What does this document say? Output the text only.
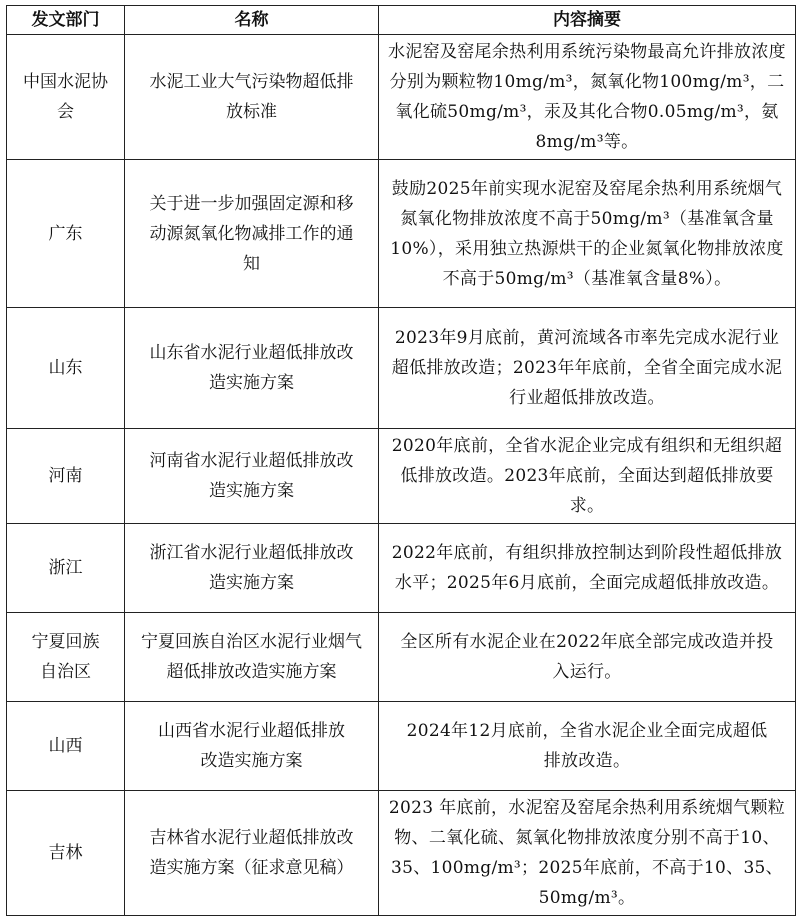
发文部门	名称	内容摘要
中国水泥协会	水泥工业大气污染物超低排放标准	水泥窑及窑尾余热利用系统污染物最高允许排放浓度分别为颗粒物10mg/m³，氮氧化物100mg/m³，二氧化硫50mg/m³，汞及其化合物0.05mg/m³，氨8mg/m³等。
广东	关于进一步加强固定源和移动源氮氧化物减排工作的通知	鼓励2025年前实现水泥窑及窑尾余热利用系统烟气氮氧化物排放浓度不高于50mg/m³（基准氧含量10%），采用独立热源烘干的企业氮氧化物排放浓度不高于50mg/m³（基准氧含量8%）。
山东	山东省水泥行业超低排放改造实施方案	2023年9月底前，黄河流域各市率先完成水泥行业超低排放改造；2023年年底前，全省全面完成水泥行业超低排放改造。
河南	河南省水泥行业超低排放改造实施方案	2020年底前，全省水泥企业完成有组织和无组织超低排放改造。2023年底前，全面达到超低排放要求。
浙江	浙江省水泥行业超低排放改造实施方案	2022年底前，有组织排放控制达到阶段性超低排放水平；2025年6月底前，全面完成超低排放改造。
宁夏回族自治区	宁夏回族自治区水泥行业烟气超低排放改造实施方案	全区所有水泥企业在2022年底全部完成改造并投入运行。
山西	山西省水泥行业超低排放改造实施方案	2024年12月底前，全省水泥企业全面完成超低排放改造。
吉林	吉林省水泥行业超低排放改造实施方案（征求意见稿）	2023 年底前，水泥窑及窑尾余热利用系统烟气颗粒物、二氧化硫、氮氧化物排放浓度分别不高于10、35、100mg/m³；2025年底前，不高于10、35、50mg/m³。
